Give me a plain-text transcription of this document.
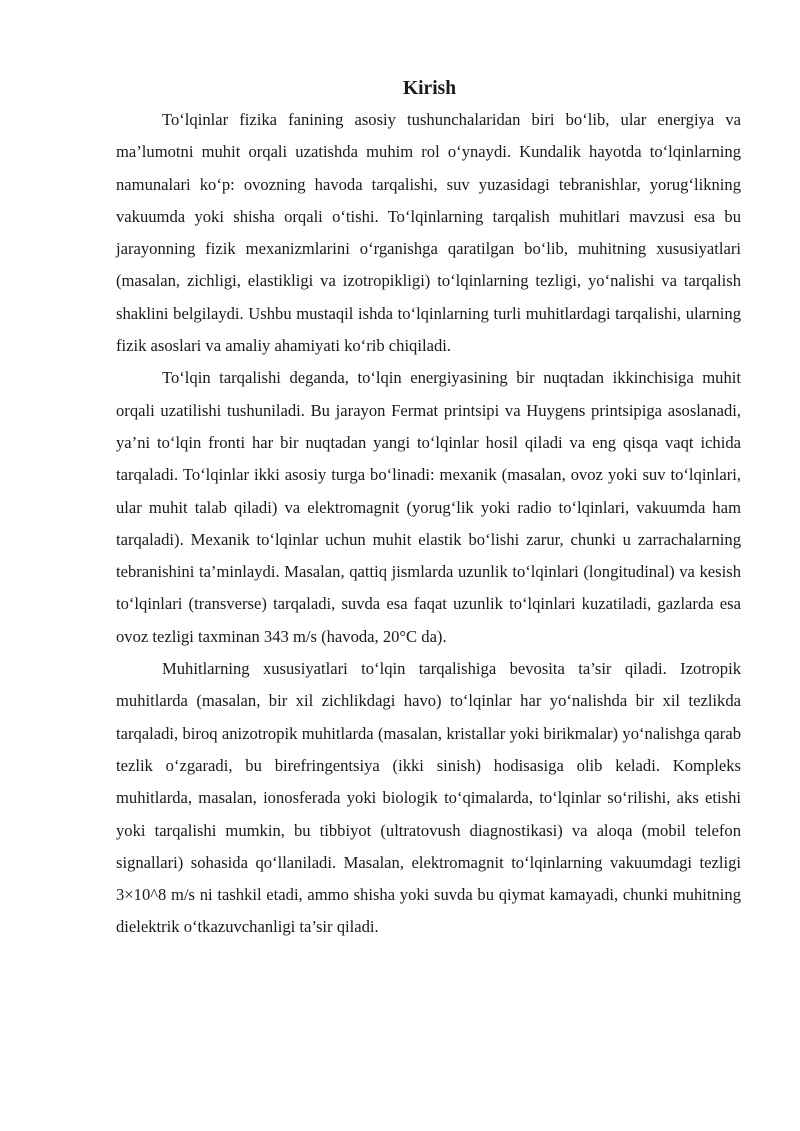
Kirish

To‘lqinlar fizika fanining asosiy tushunchalaridan biri bo‘lib, ular energiya va ma’lumotni muhit orqali uzatishda muhim rol o‘ynaydi. Kundalik hayotda to‘lqinlarning namunalari ko‘p: ovozning havoda tarqalishi, suv yuzasidagi tebranishlar, yorug‘likning vakuumda yoki shisha orqali o‘tishi. To‘lqinlarning tarqalish muhitlari mavzusi esa bu jarayonning fizik mexanizmlarini o‘rganishga qaratilgan bo‘lib, muhitning xususiyatlari (masalan, zichligi, elastikligi va izotropikligi) to‘lqinlarning tezligi, yo‘nalishi va tarqalish shaklini belgilaydi. Ushbu mustaqil ishda to‘lqinlarning turli muhitlardagi tarqalishi, ularning fizik asoslari va amaliy ahamiyati ko‘rib chiqiladi.

To‘lqin tarqalishi deganda, to‘lqin energiyasining bir nuqtadan ikkinchisiga muhit orqali uzatilishi tushuniladi. Bu jarayon Fermat printsipi va Huygens printsipiga asoslanadi, ya’ni to‘lqin fronti har bir nuqtadan yangi to‘lqinlar hosil qiladi va eng qisqa vaqt ichida tarqaladi. To‘lqinlar ikki asosiy turga bo‘linadi: mexanik (masalan, ovoz yoki suv to‘lqinlari, ular muhit talab qiladi) va elektromagnit (yorug‘lik yoki radio to‘lqinlari, vakuumda ham tarqaladi). Mexanik to‘lqinlar uchun muhit elastik bo‘lishi zarur, chunki u zarrachalarning tebranishini ta’minlaydi. Masalan, qattiq jismlarda uzunlik to‘lqinlari (longitudinal) va kesish to‘lqinlari (transverse) tarqaladi, suvda esa faqat uzunlik to‘lqinlari kuzatiladi, gazlarda esa ovoz tezligi taxminan 343 m/s (havoda, 20°C da).

Muhitlarning xususiyatlari to‘lqin tarqalishiga bevosita ta’sir qiladi. Izotropik muhitlarda (masalan, bir xil zichlikdagi havo) to‘lqinlar har yo‘nalishda bir xil tezlikda tarqaladi, biroq anizotropik muhitlarda (masalan, kristallar yoki birikmalar) yo‘nalishga qarab tezlik o‘zgaradi, bu birefringentsiya (ikki sinish) hodisasiga olib keladi. Kompleks muhitlarda, masalan, ionosferada yoki biologik to‘qimalarda, to‘lqinlar so‘rilishi, aks etishi yoki tarqalishi mumkin, bu tibbiyot (ultratovush diagnostikasi) va aloqa (mobil telefon signallari) sohasida qo‘llaniladi. Masalan, elektromagnit to‘lqinlarning vakuumdagi tezligi 3×10^8 m/s ni tashkil etadi, ammo shisha yoki suvda bu qiymat kamayadi, chunki muhitning dielektrik o‘tkazuvchanligi ta’sir qiladi.
